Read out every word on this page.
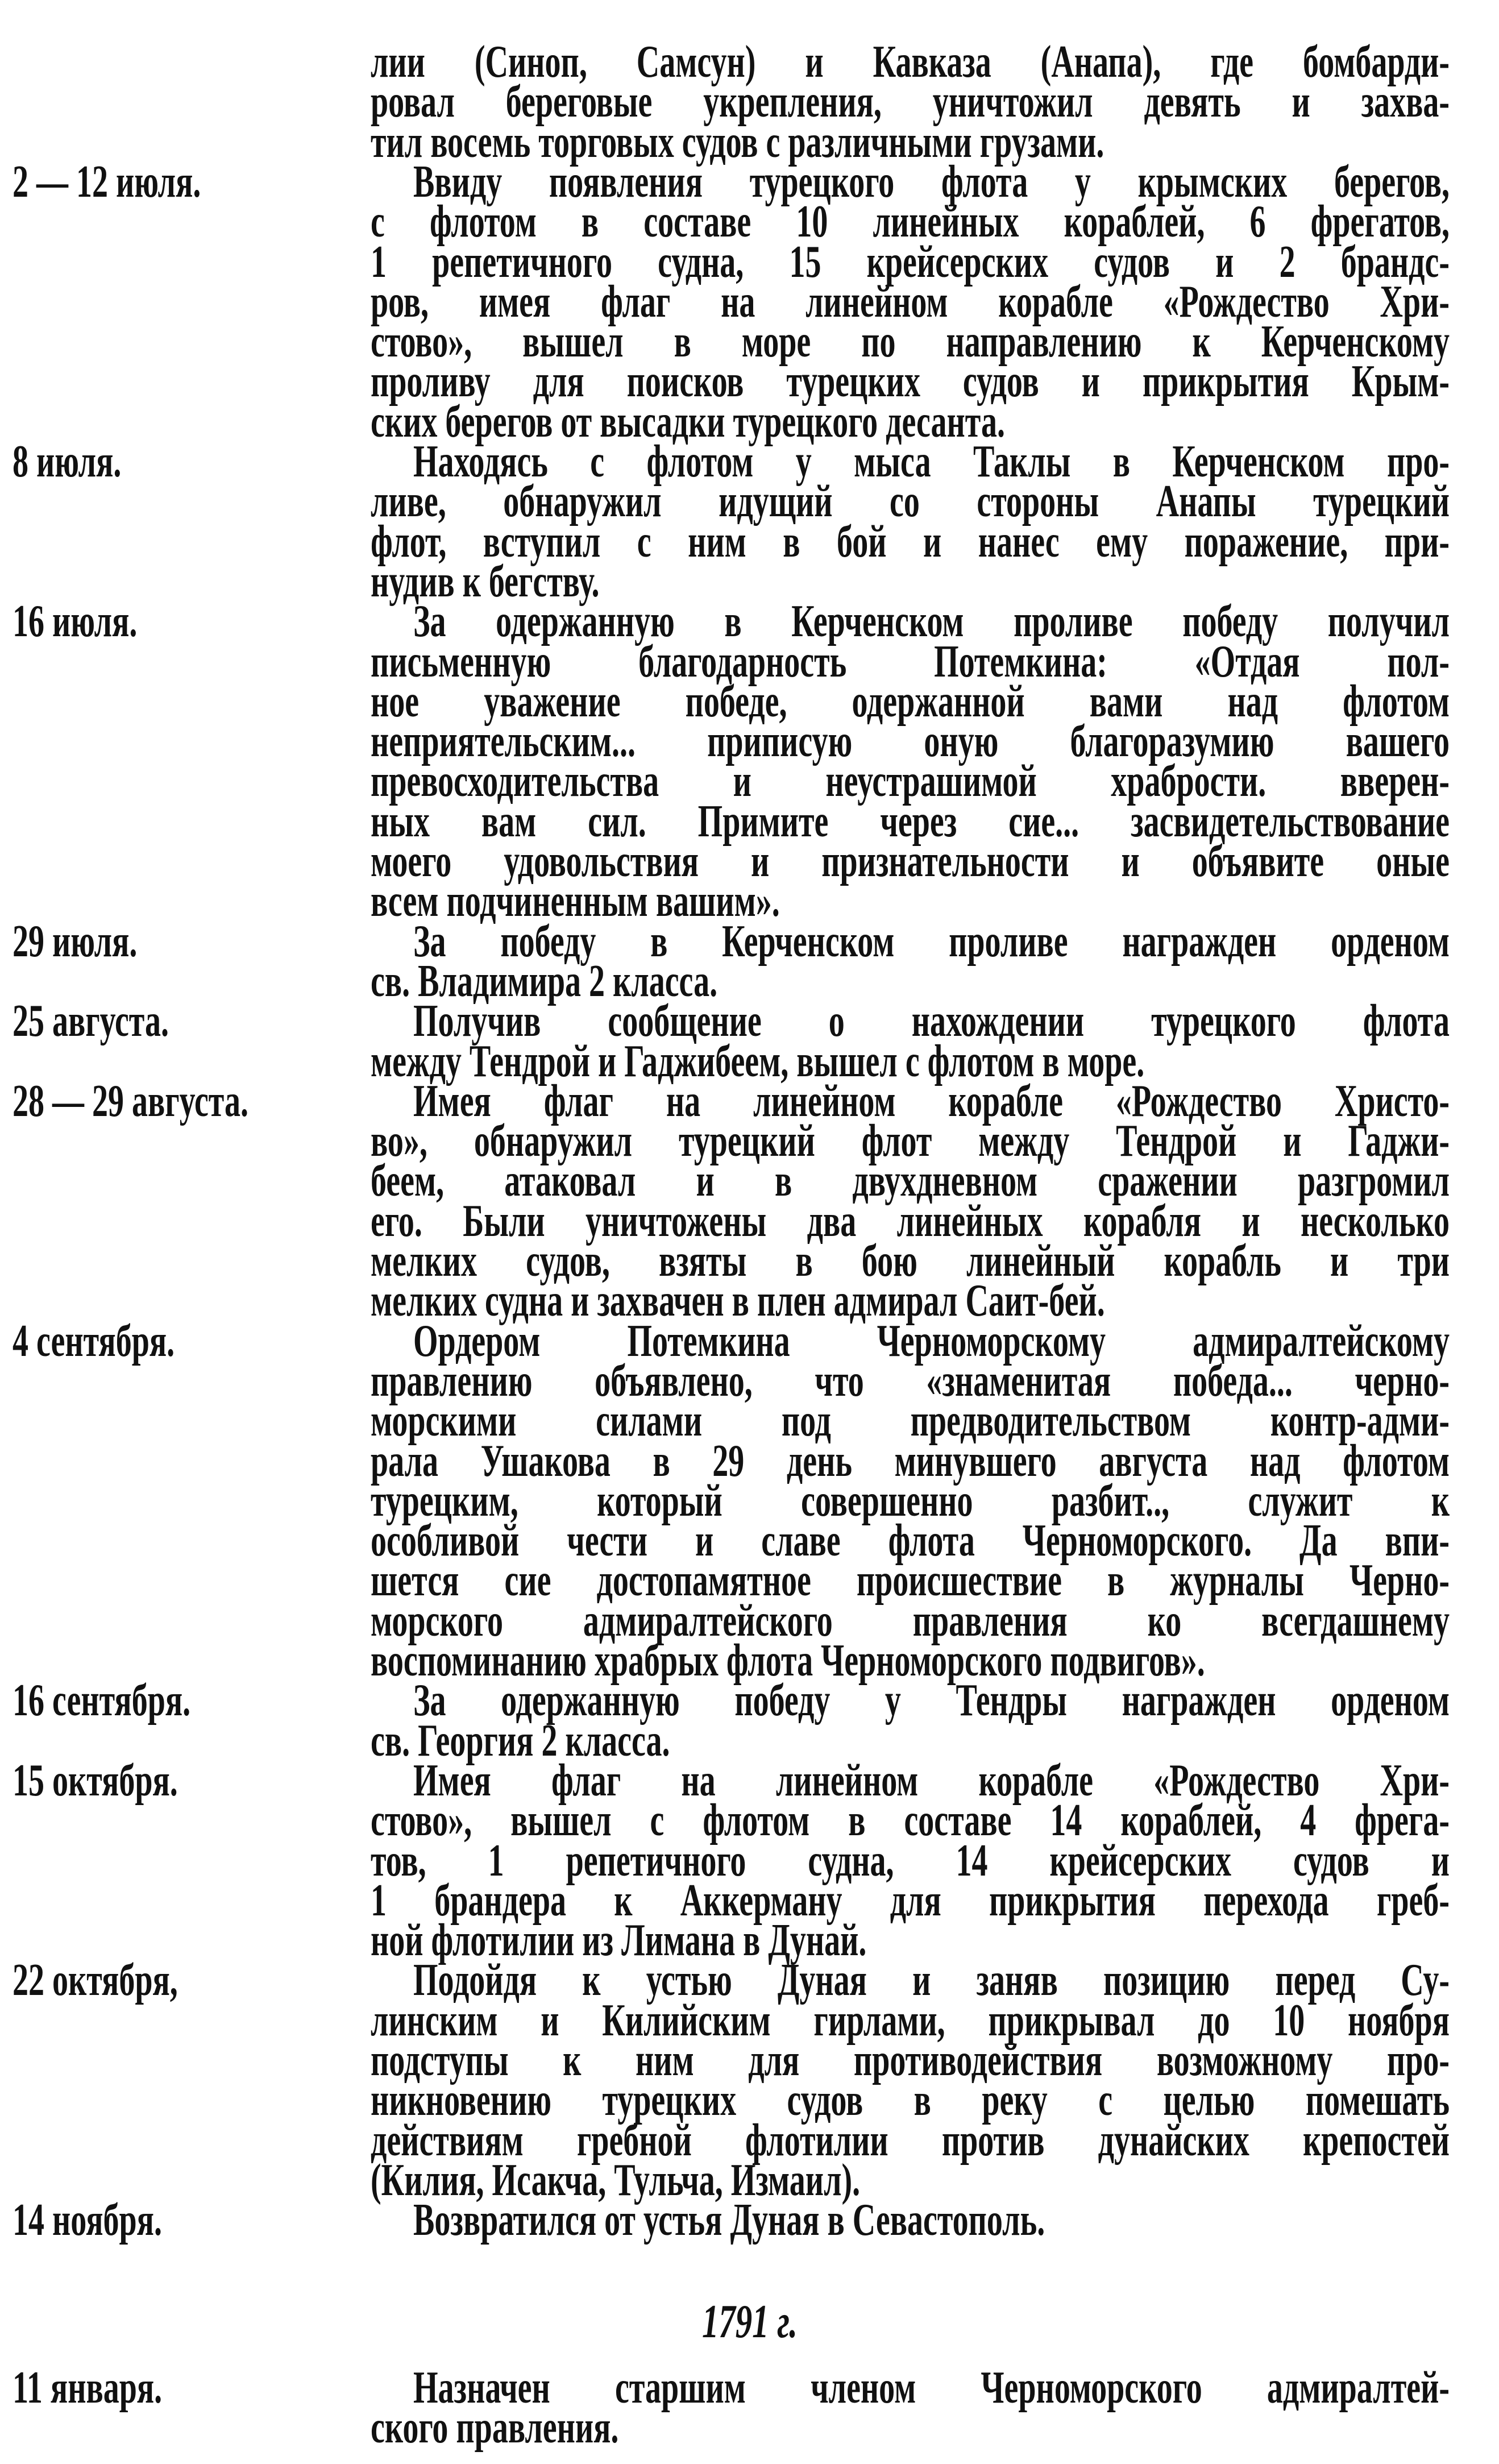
лии (Синоп, Самсун) и Кавказа (Анапа), где бомбарди-
ровал береговые укрепления, уничтожил девять и захва-
тил восемь торговых судов с различными грузами.
2 — 12 июля.	Ввиду появления турецкого флота у крымских берегов,
с флотом в составе 10 линейных кораблей, 6 фрегатов,
1 репетичного судна, 15 крейсерских судов и 2 брандс-
ров, имея флаг на линейном корабле «Рождество Хри-
стово», вышел в море по направлению к Керченскому
проливу для поисков турецких судов и прикрытия Крым-
ских берегов от высадки турецкого десанта.
8 июля.	Находясь с флотом у мыса Таклы в Керченском про-
ливе, обнаружил идущий со стороны Анапы турецкий
флот, вступил с ним в бой и нанес ему поражение, при-
нудив к бегству.
16 июля.	За одержанную в Керченском проливе победу получил
письменную благодарность Потемкина: «Отдая пол-
ное уважение победе, одержанной вами над флотом
неприятельским... приписую оную благоразумию вашего
превосходительства и неустрашимой храбрости. вверен-
ных вам сил. Примите через сие... засвидетельствование
моего удовольствия и признательности и объявите оные
всем подчиненным вашим».
29 июля.	За победу в Керченском проливе награжден орденом
св. Владимира 2 класса.
25 августа.	Получив сообщение о нахождении турецкого флота
между Тендрой и Гаджибеем, вышел с флотом в море.
28 — 29 августа.	Имея флаг на линейном корабле «Рождество Христо-
во», обнаружил турецкий флот между Тендрой и Гаджи-
беем, атаковал и в двухдневном сражении разгромил
его. Были уничтожены два линейных корабля и несколько
мелких судов, взяты в бою линейный корабль и три
мелких судна и захвачен в плен адмирал Саит-бей.
4 сентября.	Ордером Потемкина Черноморскому адмиралтейскому
правлению объявлено, что «знаменитая победа... черно-
морскими силами под предводительством контр-адми-
рала Ушакова в 29 день минувшего августа над флотом
турецким, который совершенно разбит.., служит к
особливой чести и славе флота Черноморского. Да впи-
шется сие достопамятное происшествие в журналы Черно-
морского адмиралтейского правления ко всегдашнему
воспоминанию храбрых флота Черноморского подвигов».
16 сентября.	За одержанную победу у Тендры награжден орденом
св. Георгия 2 класса.
15 октября.	Имея флаг на линейном корабле «Рождество Хри-
стово», вышел с флотом в составе 14 кораблей, 4 фрега-
тов, 1 репетичного судна, 14 крейсерских судов и
1 брандера к Аккерману для прикрытия перехода греб-
ной флотилии из Лимана в Дунай.
22 октября,	Подойдя к устью Дуная и заняв позицию перед Су-
линским и Килийским гирлами, прикрывал до 10 ноября
подступы к ним для противодействия возможному про-
никновению турецких судов в реку с целью помешать
действиям гребной флотилии против дунайских крепостей
(Килия, Исакча, Тульча, Измаил).
14 ноября.	Возвратился от устья Дуная в Севастополь.
1791 г.
11 января.	Назначен старшим членом Черноморского адмиралтей-
ского правления.
